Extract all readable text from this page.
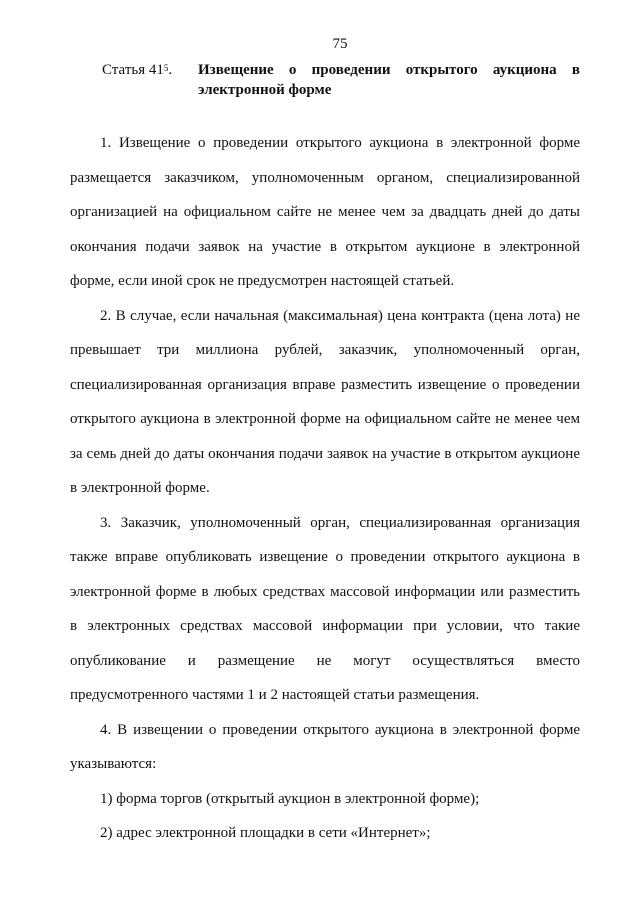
75
Статья $41^5$.	Извещение о проведении открытого аукциона в электронной форме

1. Извещение о проведении открытого аукциона в электронной форме размещается заказчиком, уполномоченным органом, специализированной организацией на официальном сайте не менее чем за двадцать дней до даты окончания подачи заявок на участие в открытом аукционе в электронной форме, если иной срок не предусмотрен настоящей статьей.

2. В случае, если начальная (максимальная) цена контракта (цена лота) не превышает три миллиона рублей, заказчик, уполномоченный орган, специализированная организация вправе разместить извещение о проведении открытого аукциона в электронной форме на официальном сайте не менее чем за семь дней до даты окончания подачи заявок на участие в открытом аукционе в электронной форме.

3. Заказчик, уполномоченный орган, специализированная организация также вправе опубликовать извещение о проведении открытого аукциона в электронной форме в любых средствах массовой информации или разместить в электронных средствах массовой информации при условии, что такие опубликование и размещение не могут осуществляться вместо предусмотренного частями 1 и 2 настоящей статьи размещения.

4. В извещении о проведении открытого аукциона в электронной форме указываются:

1) форма торгов (открытый аукцион в электронной форме);

2) адрес электронной площадки в сети «Интернет»;
